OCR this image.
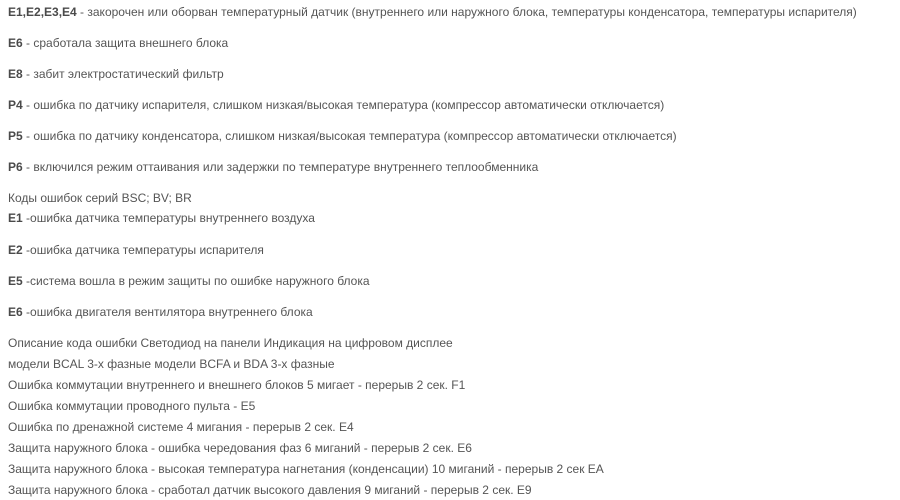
E1,E2,E3,E4 - закорочен или оборван температурный датчик (внутреннего или наружного блока, температуры конденсатора, температуры испарителя)
E6 - сработала защита внешнего блока
E8 - забит электростатический фильтр
P4 - ошибка по датчику испарителя, слишком низкая/высокая температура (компрессор автоматически отключается)
P5 - ошибка по датчику конденсатора, слишком низкая/высокая температура (компрессор автоматически отключается)
P6 - включился режим оттаивания или задержки по температуре внутреннего теплообменника
Коды ошибок серий BSC; BV; BR
E1 -ошибка датчика температуры внутреннего воздуха
E2 -ошибка датчика температуры испарителя
E5 -система вошла в режим защиты по ошибке наружного блока
E6 -ошибка двигателя вентилятора внутреннего блока
Описание кода ошибки Светодиод на панели Индикация на цифровом дисплее
модели BCAL 3-х фазные модели BCFA и BDA 3-х фазные
Ошибка коммутации внутреннего и внешнего блоков 5 мигает - перерыв 2 сек. F1
Ошибка коммутации проводного пульта - E5
Ошибка по дренажной системе 4 мигания - перерыв 2 сек. E4
Защита наружного блока - ошибка чередования фаз 6 миганий - перерыв 2 сек. E6
Защита наружного блока - высокая температура нагнетания (конденсации) 10 миганий - перерыв 2 сек EA
Защита наружного блока - сработал датчик высокого давления 9 миганий - перерыв 2 сек. E9
